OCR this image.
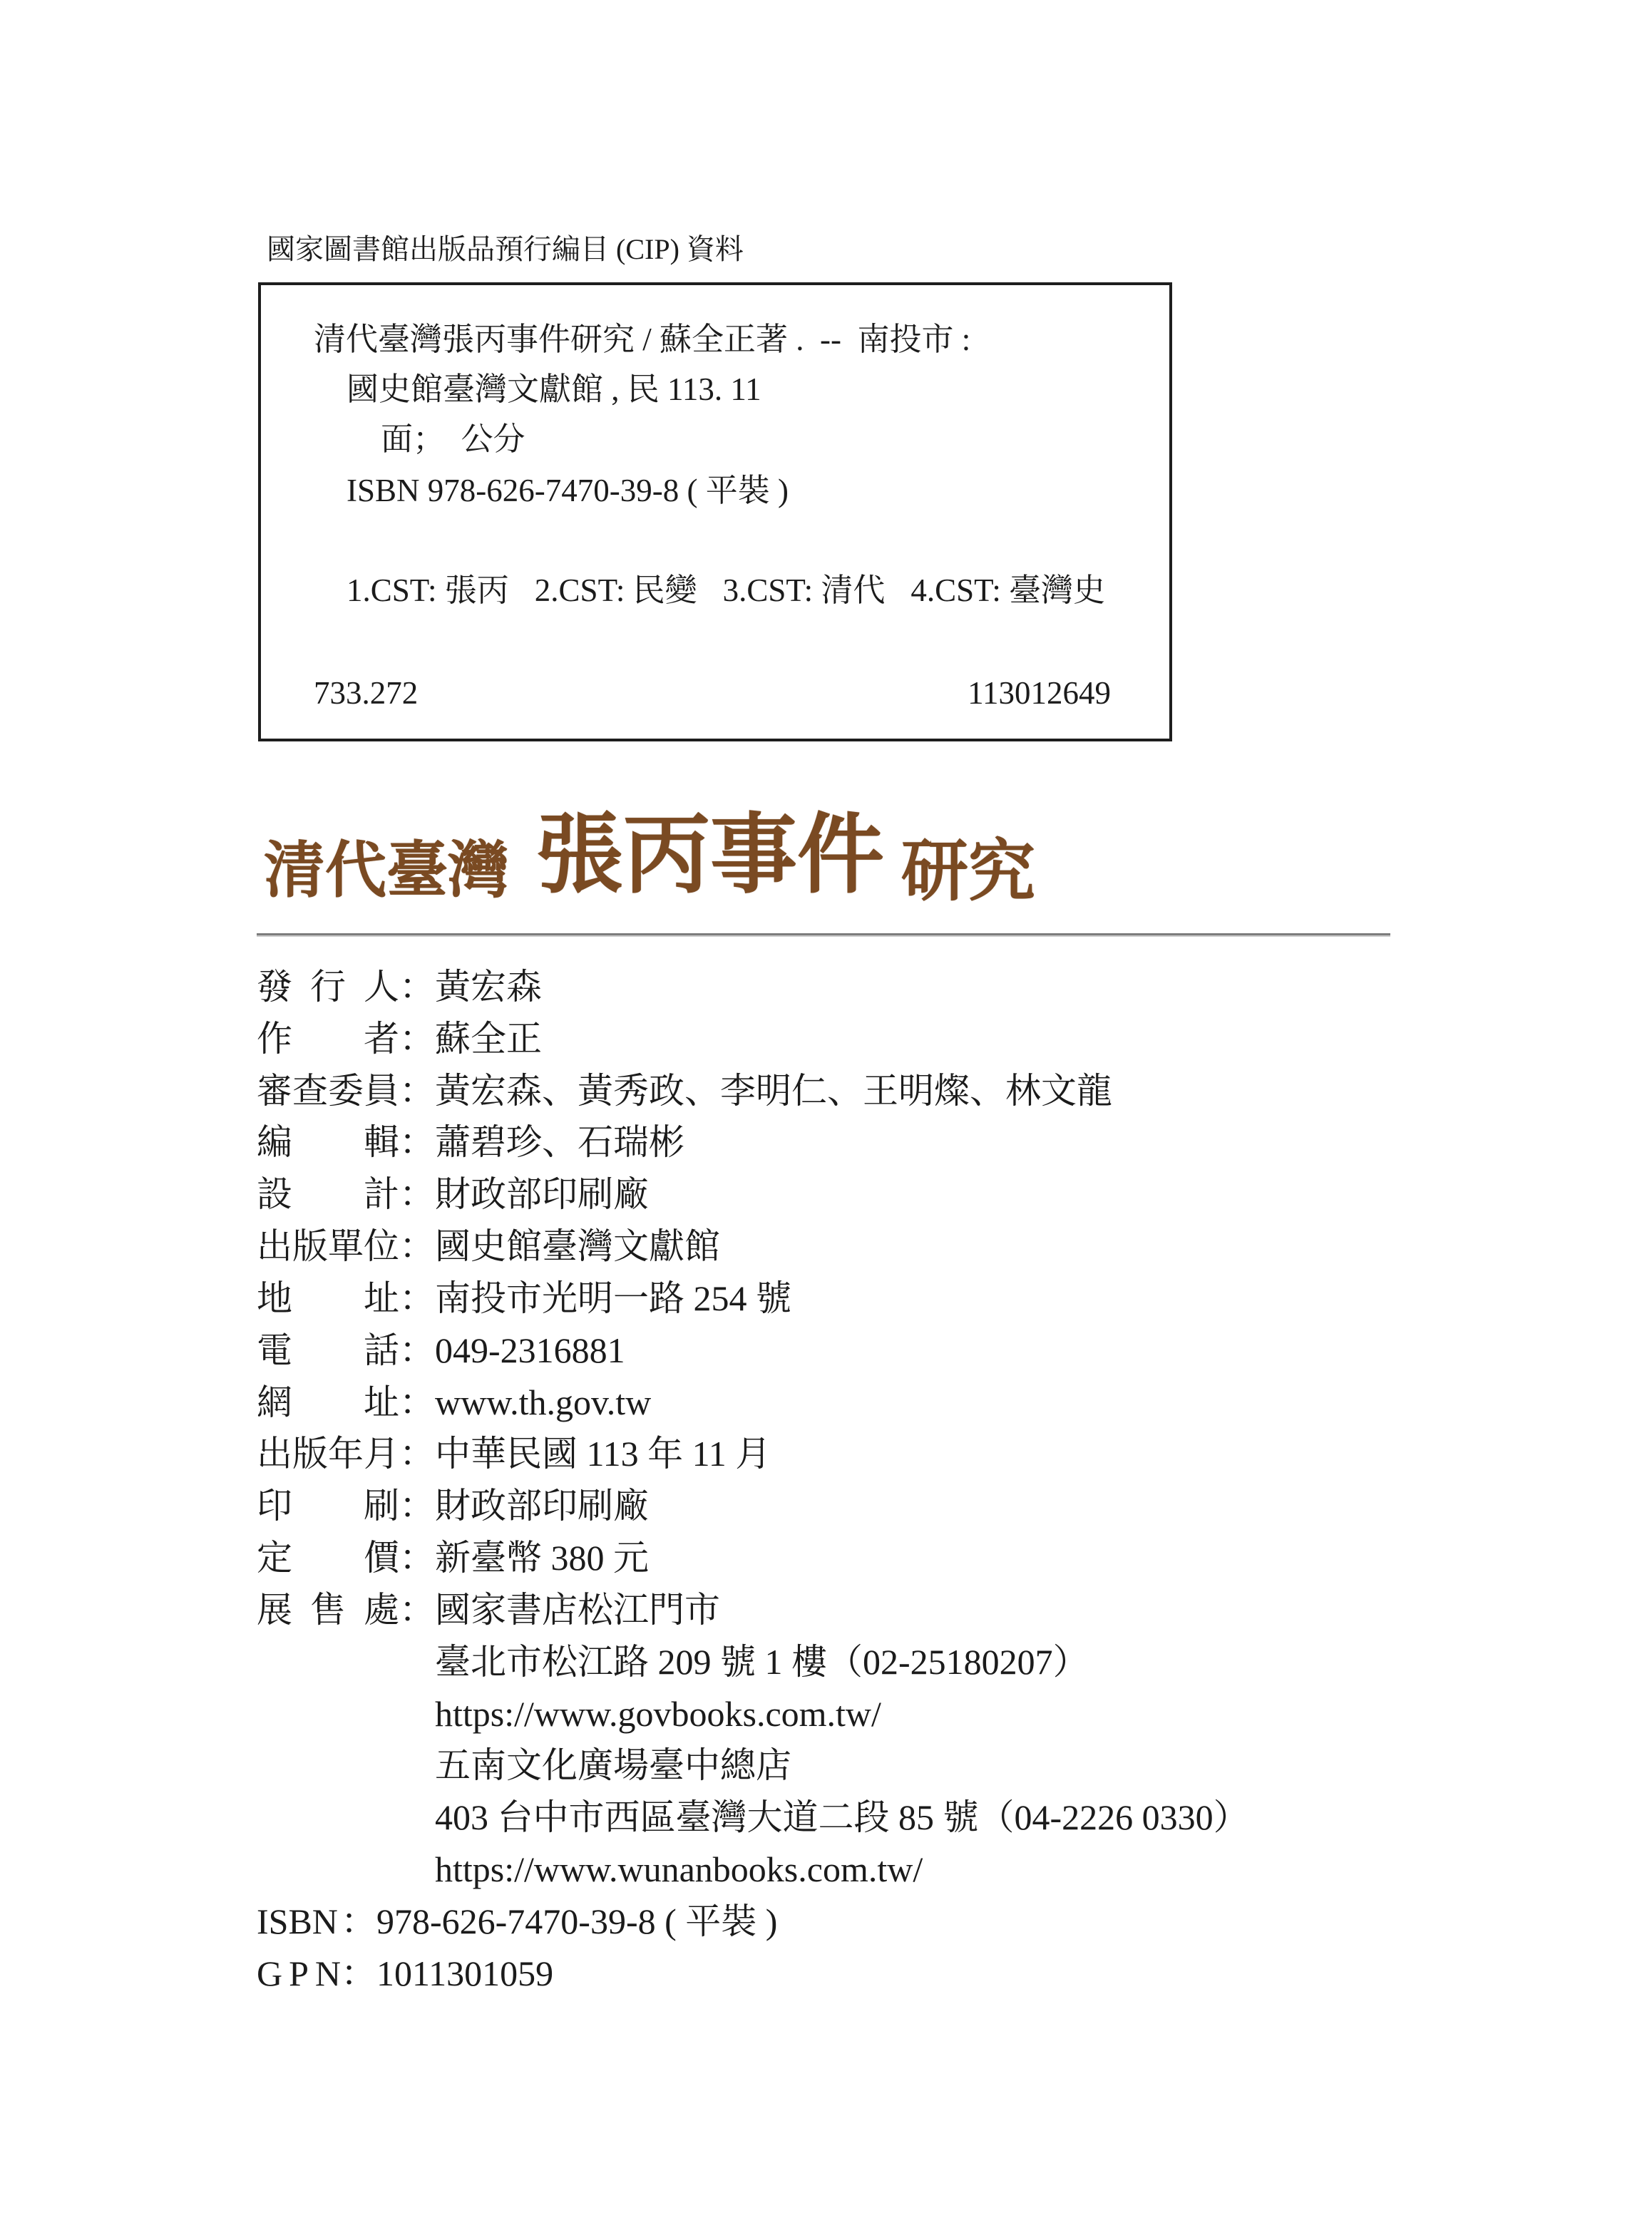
國家圖書館出版品預行編目 (CIP) 資料
清代臺灣張丙事件研究 / 蘇全正著 .  --  南投市 :
國史館臺灣文獻館 , 民 113. 11
面；　公分
ISBN 978-626-7470-39-8 ( 平裝 )
1.CST: 張丙 2.CST: 民變 3.CST: 清代 4.CST: 臺灣史
733.272	113012649
清代臺灣 張丙事件 研究
發行人 ： 黃宏森
作者 ： 蘇全正
審查委員 ： 黃宏森、黃秀政、李明仁、王明燦、林文龍
編輯 ： 蕭碧珍、石瑞彬
設計 ： 財政部印刷廠
出版單位 ： 國史館臺灣文獻館
地址 ： 南投市光明一路 254 號
電話 ： 049-2316881
網址 ： www.th.gov.tw
出版年月 ： 中華民國 113 年 11 月
印刷 ： 財政部印刷廠
定價 ： 新臺幣 380 元
展售處 ： 國家書店松江門市
臺北市松江路 209 號 1 樓（02-25180207）
https://www.govbooks.com.tw/
五南文化廣場臺中總店
403 台中市西區臺灣大道二段 85 號（04-2226 0330）
https://www.wunanbooks.com.tw/
ISBN ： 978-626-7470-39-8 ( 平裝 )
GPN
： 1011301059
